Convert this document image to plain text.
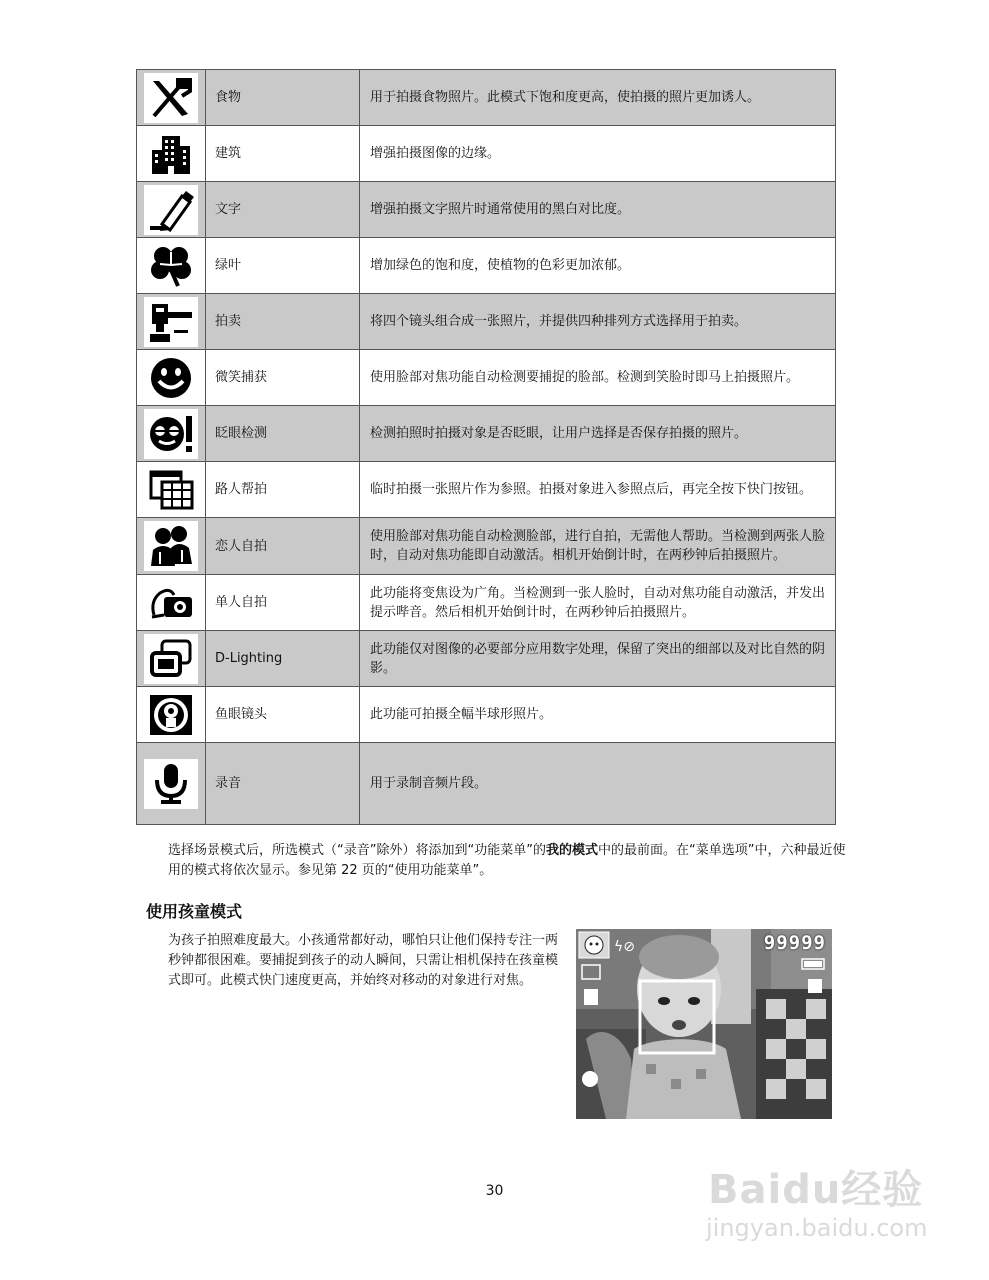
	食物	用于拍摄食物照片。此模式下饱和度更高，使拍摄的照片更加诱人。

	建筑	增强拍摄图像的边缘。

	文字	增强拍摄文字照片时通常使用的黑白对比度。

	绿叶	增加绿色的饱和度，使植物的色彩更加浓郁。

	拍卖	将四个镜头组合成一张照片，并提供四种排列方式选择用于拍卖。

	微笑捕获	使用脸部对焦功能自动检测要捕捉的脸部。检测到笑脸时即马上拍摄照片。

	眨眼检测	检测拍照时拍摄对象是否眨眼，让用户选择是否保存拍摄的照片。

	路人帮拍	临时拍摄一张照片作为参照。拍摄对象进入参照点后，再完全按下快门按钮。

	恋人自拍	使用脸部对焦功能自动检测脸部，进行自拍，无需他人帮助。当检测到两张人脸时，自动对焦功能即自动激活。相机开始倒计时，在两秒钟后拍摄照片。

	单人自拍	此功能将变焦设为广角。当检测到一张人脸时，自动对焦功能自动激活，并发出提示哔音。然后相机开始倒计时，在两秒钟后拍摄照片。

	D-Lighting	此功能仅对图像的必要部分应用数字处理，保留了突出的细部以及对比自然的阴影。

	鱼眼镜头	此功能可拍摄全幅半球形照片。

	录音	用于录制音频片段。
选择场景模式后，所选模式（“录音”除外）将添加到“功能菜单”的我的模式中的最前面。在“菜单选项”中，六种最近使用的模式将依次显示。参见第 22 页的“使用功能菜单”。
使用孩童模式
为孩子拍照难度最大。小孩通常都好动，哪怕只让他们保持专注一两秒钟都很困难。要捕捉到孩子的动人瞬间，只需让相机保持在孩童模式即可。此模式快门速度更高，并始终对移动的对象进行对焦。
ϟ⊘	99999
30	Baidu经验
jingyan.baidu.com
